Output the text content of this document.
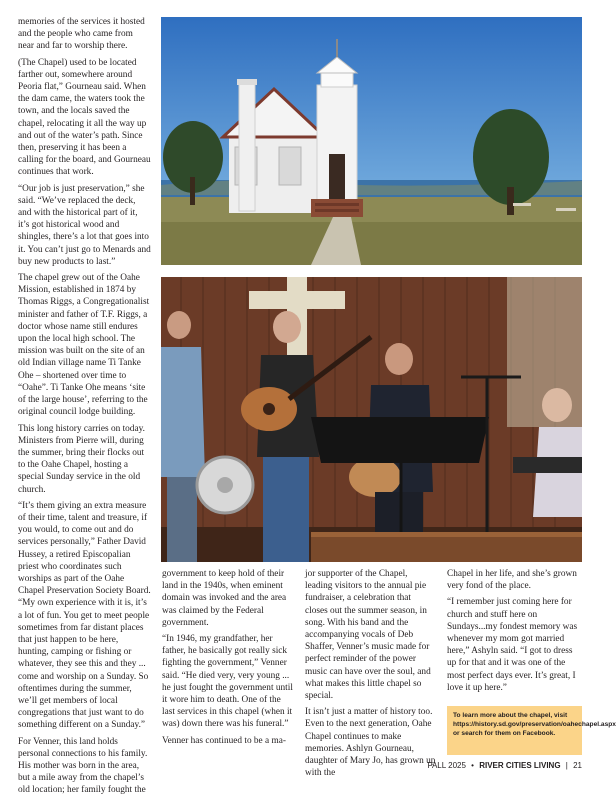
memories of the services it hosted and the people who came from near and far to worship there.

(The Chapel) used to be located farther out, somewhere around Peoria flat,” Gourneau said. When the dam came, the waters took the town, and the locals saved the chapel, relocating it all the way up and out of the water’s path. Since then, preserving it has been a calling for the board, and Gourneau continues that work.

“Our job is just preservation,” she said. “We’ve replaced the deck, and with the historical part of it, it’s got historical wood and shingles, there’s a lot that goes into it. You can’t just go to Menards and buy new products to last.”

The chapel grew out of the Oahe Mission, established in 1874 by Thomas Riggs, a Congregationalist minister and father of T.F. Riggs, a doctor whose name still endures upon the local high school. The mission was built on the site of an old Indian village name Ti Tanke Ohe – shortened over time to “Oahe”. Ti Tanke Ohe means ‘site of the large house’, referring to the original council lodge building.

This long history carries on today. Ministers from Pierre will, during the summer, bring their flocks out to the Oahe Chapel, hosting a special Sunday service in the old church.

“It’s them giving an extra measure of their time, talent and treasure, if you would, to come out and do services personally,” Father David Hussey, a retired Episcopalian priest who coordinates such worships as part of the Oahe Chapel Preservation Society Board. “My own experience with it is, it’s a lot of fun. You get to meet people sometimes from far distant places that just happen to be here, hunting, camping or fishing or whatever, they see this and they ... come and worship on a Sunday. So oftentimes during the summer, we’ll get members of local congregations that just want to do something different on a Sunday.”

For Venner, this land holds personal connections to his family. His mother was born in the area, but a mile away from the chapel’s old location; her family fought the

government to keep hold of their land in the 1940s, when eminent domain was invoked and the area was claimed by the Federal government.

“In 1946, my grandfather, her father, he basically got really sick fighting the government,” Venner said. “He died very, very young ... he just fought the government until it wore him to death. One of the last services in this chapel (when it was) down there was his funeral.”

Venner has continued to be a ma-

jor supporter of the Chapel, leading visitors to the annual pie fundraiser, a celebration that closes out the summer season, in song. With his band and the accompanying vocals of Deb Shaffer, Venner’s music made for perfect reminder of the power music can have over the soul, and what makes this little chapel so special.

It isn’t just a matter of history too. Even to the next generation, Oahe Chapel continues to make memories. Ashlyn Gourneau, daughter of Mary Jo, has grown up with the

Chapel in her life, and she’s grown very fond of the place.

“I remember just coming here for church and stuff here on Sundays...my fondest memory was whenever my mom got married here,” Ashyln said. “I got to dress up for that and it was one of the most perfect days ever. It’s great, I love it up here.”

To learn more about the chapel, visit https://history.sd.gov/preservation/oahechapel.aspx or search for them on Facebook.
FALL 2025 • RIVER CITIES LIVING | 21
